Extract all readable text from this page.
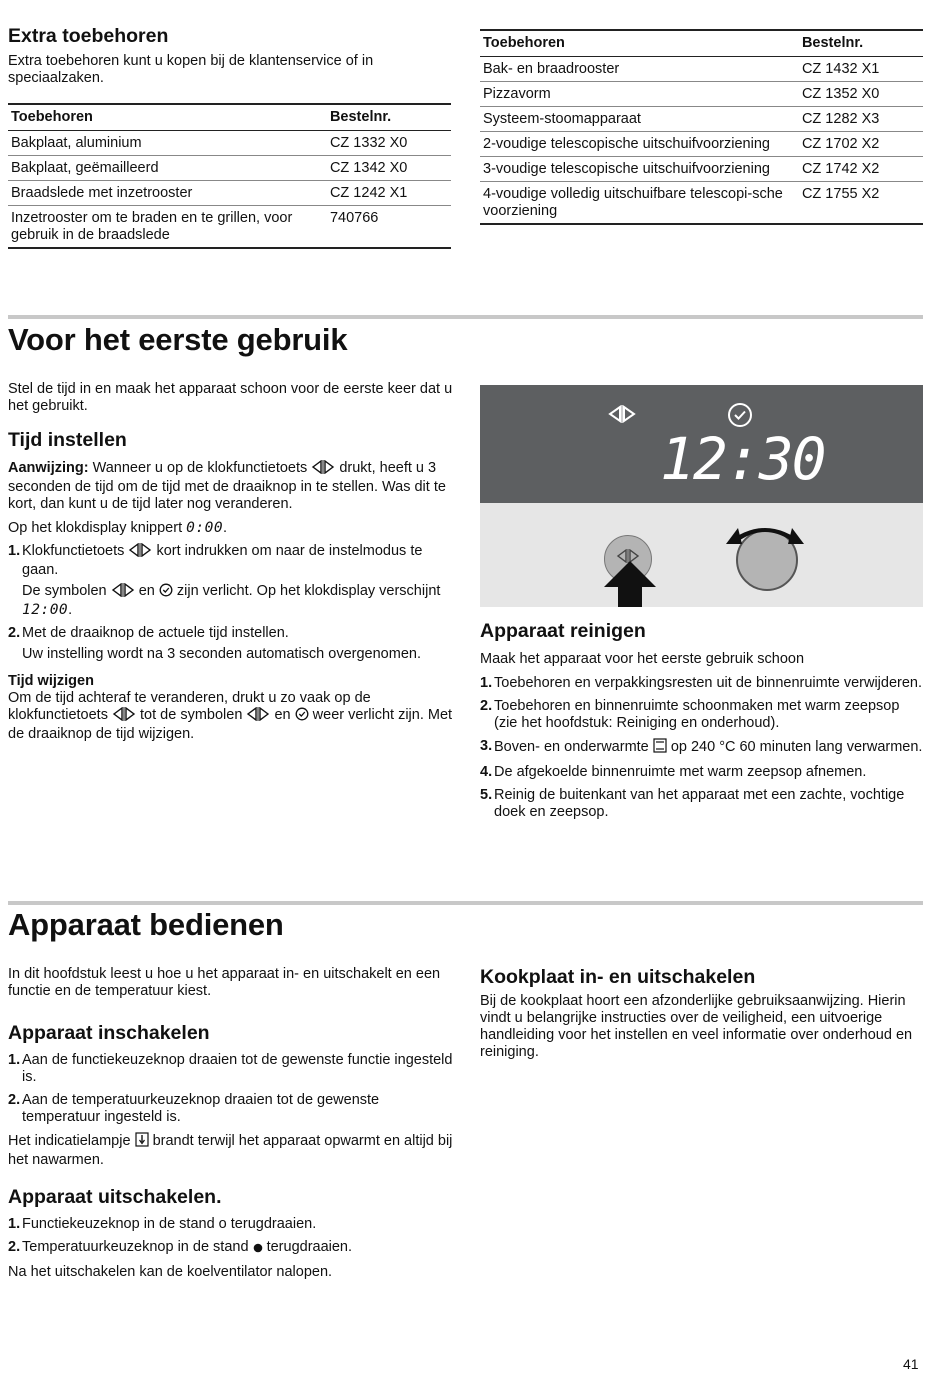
Extra toebehoren

Extra toebehoren kunt u kopen bij de klantenservice of in speciaalzaken.

Toebehoren	Bestelnr.
Bakplaat, aluminium	CZ 1332 X0
Bakplaat, geëmailleerd	CZ 1342 X0
Braadslede met inzetrooster	CZ 1242 X1
Inzetrooster om te braden en te grillen, voor gebruik in de braadslede	740766
Toebehoren	Bestelnr.
Bak- en braadrooster	CZ 1432 X1
Pizzavorm	CZ 1352 X0
Systeem-stoomapparaat	CZ 1282 X3
2-voudige telescopische uitschuifvoorziening	CZ 1702 X2
3-voudige telescopische uitschuifvoorziening	CZ 1742 X2
4-voudige volledig uitschuifbare telescopi-sche voorziening	CZ 1755 X2
Voor het eerste gebruik

Stel de tijd in en maak het apparaat schoon voor de eerste keer dat u het gebruikt.

Tijd instellen

Aanwijzing: Wanneer u op de klokfunctietoets drukt, heeft u 3 seconden de tijd om de tijd met de draaiknop in te stellen. Was dit te kort, dan kunt u de tijd later nog veranderen.

Op het klokdisplay knippert 0:00.

1. Klokfunctietoets kort indrukken om naar de instelmodus te gaan.
De symbolen en zijn verlicht. Op het klokdisplay verschijnt 12:00.
2. Met de draaiknop de actuele tijd instellen.
Uw instelling wordt na 3 seconden automatisch overgenomen.

Tijd wijzigen

Om de tijd achteraf te veranderen, drukt u zo vaak op de klokfunctietoets tot de symbolen en weer verlicht zijn. Met de draaiknop de tijd wijzigen.

12:30
Apparaat reinigen

Maak het apparaat voor het eerste gebruik schoon

1. Toebehoren en verpakkingsresten uit de binnenruimte verwijderen.
2. Toebehoren en binnenruimte schoonmaken met warm zeepsop (zie het hoofdstuk: Reiniging en onderhoud).
3. Boven- en onderwarmte op 240 °C 60 minuten lang verwarmen.
4. De afgekoelde binnenruimte met warm zeepsop afnemen.
5. Reinig de buitenkant van het apparaat met een zachte, vochtige doek en zeepsop.
Apparaat bedienen

In dit hoofdstuk leest u hoe u het apparaat in- en uitschakelt en een functie en de temperatuur kiest.

Apparaat inschakelen
1. Aan de functiekeuzeknop draaien tot de gewenste functie ingesteld is.
2. Aan de temperatuurkeuzeknop draaien tot de gewenste temperatuur ingesteld is.

Het indicatielampje brandt terwijl het apparaat opwarmt en altijd bij het nawarmen.

Apparaat uitschakelen.
1. Functiekeuzeknop in de stand o terugdraaien.
2. Temperatuurkeuzeknop in de stand terugdraaien.

Na het uitschakelen kan de koelventilator nalopen.

Kookplaat in- en uitschakelen

Bij de kookplaat hoort een afzonderlijke gebruiksaanwijzing. Hierin vindt u belangrijke instructies over de veiligheid, een uitvoerige handleiding voor het instellen en veel informatie over onderhoud en reiniging.

41
